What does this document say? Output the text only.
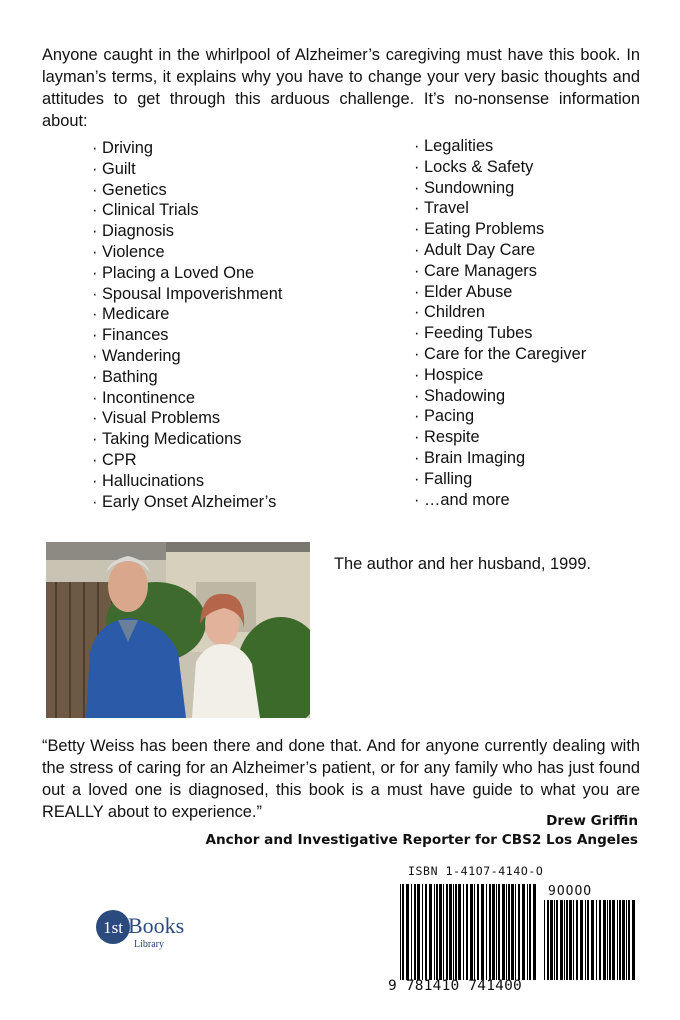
Anyone caught in the whirlpool of Alzheimer’s caregiving must have this book. In layman’s terms, it explains why you have to change your very basic thoughts and attitudes to get through this arduous challenge. It’s no-nonsense information about:

· Driving
· Guilt
· Genetics
· Clinical Trials
· Diagnosis
· Violence
· Placing a Loved One
· Spousal Impoverishment
· Medicare
· Finances
· Wandering
· Bathing
· Incontinence
· Visual Problems
· Taking Medications
· CPR
· Hallucinations
· Early Onset Alzheimer’s
· Legalities
· Locks & Safety
· Sundowning
· Travel
· Eating Problems
· Adult Day Care
· Care Managers
· Elder Abuse
· Children
· Feeding Tubes
· Care for the Caregiver
· Hospice
· Shadowing
· Pacing
· Respite
· Brain Imaging
· Falling
· …and more

The author and her husband, 1999.

“Betty Weiss has been there and done that. And for anyone currently dealing with the stress of caring for an Alzheimer’s patient, or for any family who has just found out a loved one is diagnosed, this book is a must have guide to what you are REALLY about to experience.”	Drew Griffin

Anchor and Investigative Reporter for CBS2 Los Angeles

1st Books
Library

ISBN 1-41O7-414O-O

9OOOO

9 781410 741400
